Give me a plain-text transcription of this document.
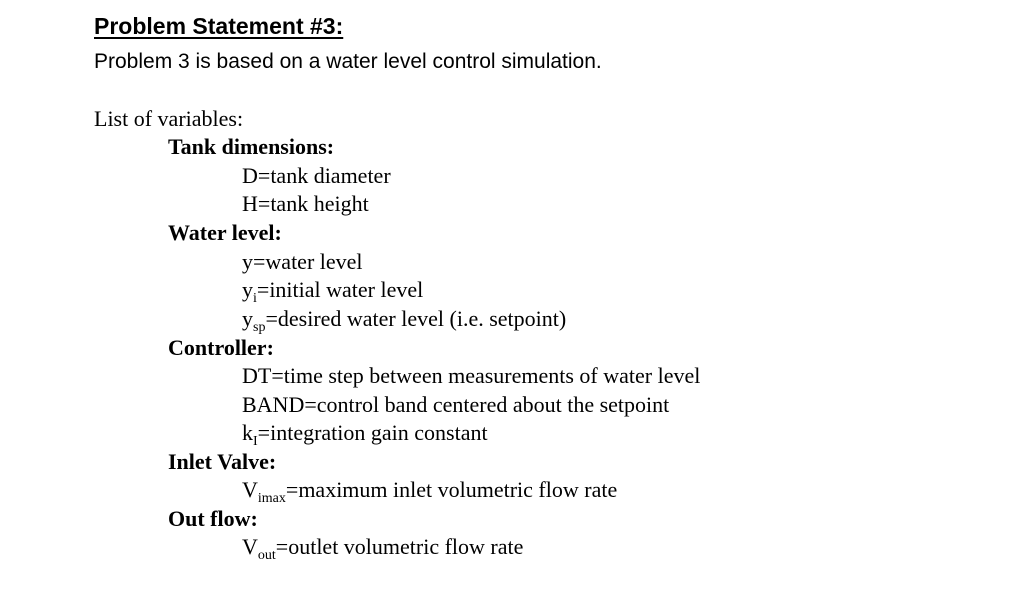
Problem Statement #3:
Problem 3 is based on a water level control simulation.
List of variables:
Tank dimensions:
D=tank diameter
H=tank height
Water level:
y=water level
$y_i=initial$ water level
$y_{sp}=desired$ water level (i.e. setpoint)
Controller:
DT=time step between measurements of water level
BAND=control band centered about the setpoint
$k_I=integration$ gain constant
Inlet Valve:
$V_{imax}=maximum$ inlet volumetric flow rate
Out flow:
$V_{out}=outlet$ volumetric flow rate
